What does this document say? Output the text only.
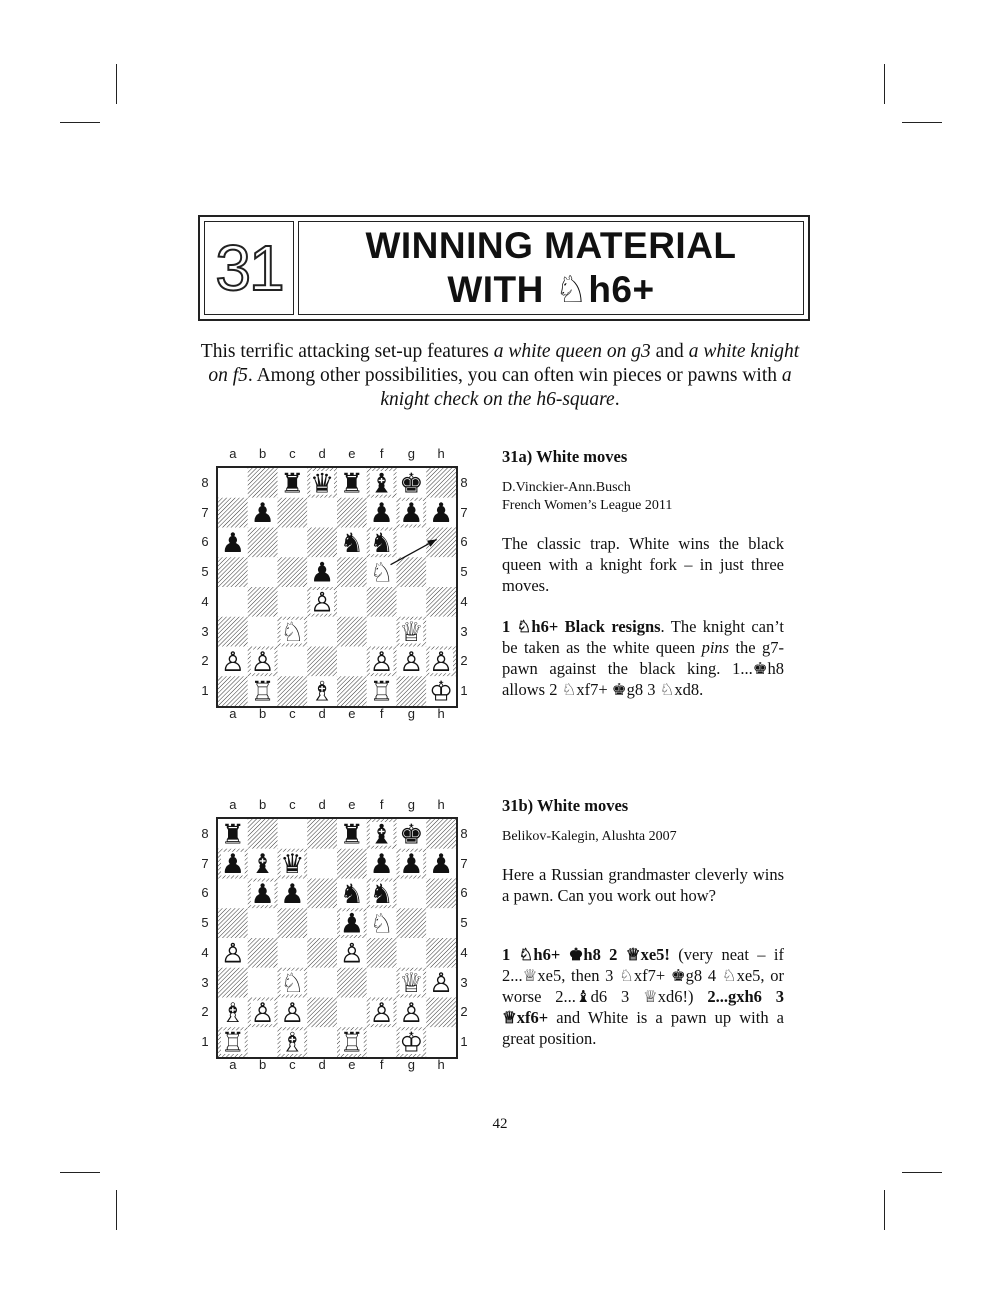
31 WINNING MATERIAL
WITH ♘h6+
This terrific attacking set-up features a white queen on g3 and a white knight on f5. Among other possibilities, you can often win pieces or pawns with a knight check on the h6-square.
♜ ♛ ♜ ♝ ♚
♟	♟ ♟ ♟
♟	♞ ♞
♟ ♘
♙
♘	♕
♙ ♙	♙ ♙ ♙
♖ ♗ ♖ ♔
a
a
b
b
c
c
d
d
e
e
f
f
g
g
h
h
8	8
7	7
6	6
5	5
4	4
3	3
2	2
1	1
31a) White moves
D.Vinckier-Ann.Busch
French Women’s League 2011

The classic trap. White wins the black queen with a knight fork – in just three moves.

1 ♘h6+ Black resigns. The knight can’t be taken as the white queen pins the g7-pawn against the black king. 1...♚h8 allows 2 ♘xf7+ ♚g8 3 ♘xd8.

♜	♜ ♝ ♚
♟ ♝ ♛ ♟ ♟ ♟
♟ ♟ ♞ ♞
♟ ♘
♙	♙
♘	♕ ♙
♗ ♙ ♙ ♙ ♙
♖ ♗ ♖ ♔
a
a
b
b
c
c
d
d
e
e
f
f
g
g
h
h
8	8
7	7
6	6
5	5
4	4
3	3
2	2
1	1
31b) White moves
Belikov-Kalegin, Alushta 2007

Here a Russian grandmaster cleverly wins a pawn. Can you work out how?

1 ♘h6+ ♚h8 2 ♕xe5! (very neat – if 2...♕xe5, then 3 ♘xf7+ ♚g8 4 ♘xe5, or worse 2...♝d6 3 ♕xd6!) 2...gxh6 3 ♕xf6+ and White is a pawn up with a great position.

42
